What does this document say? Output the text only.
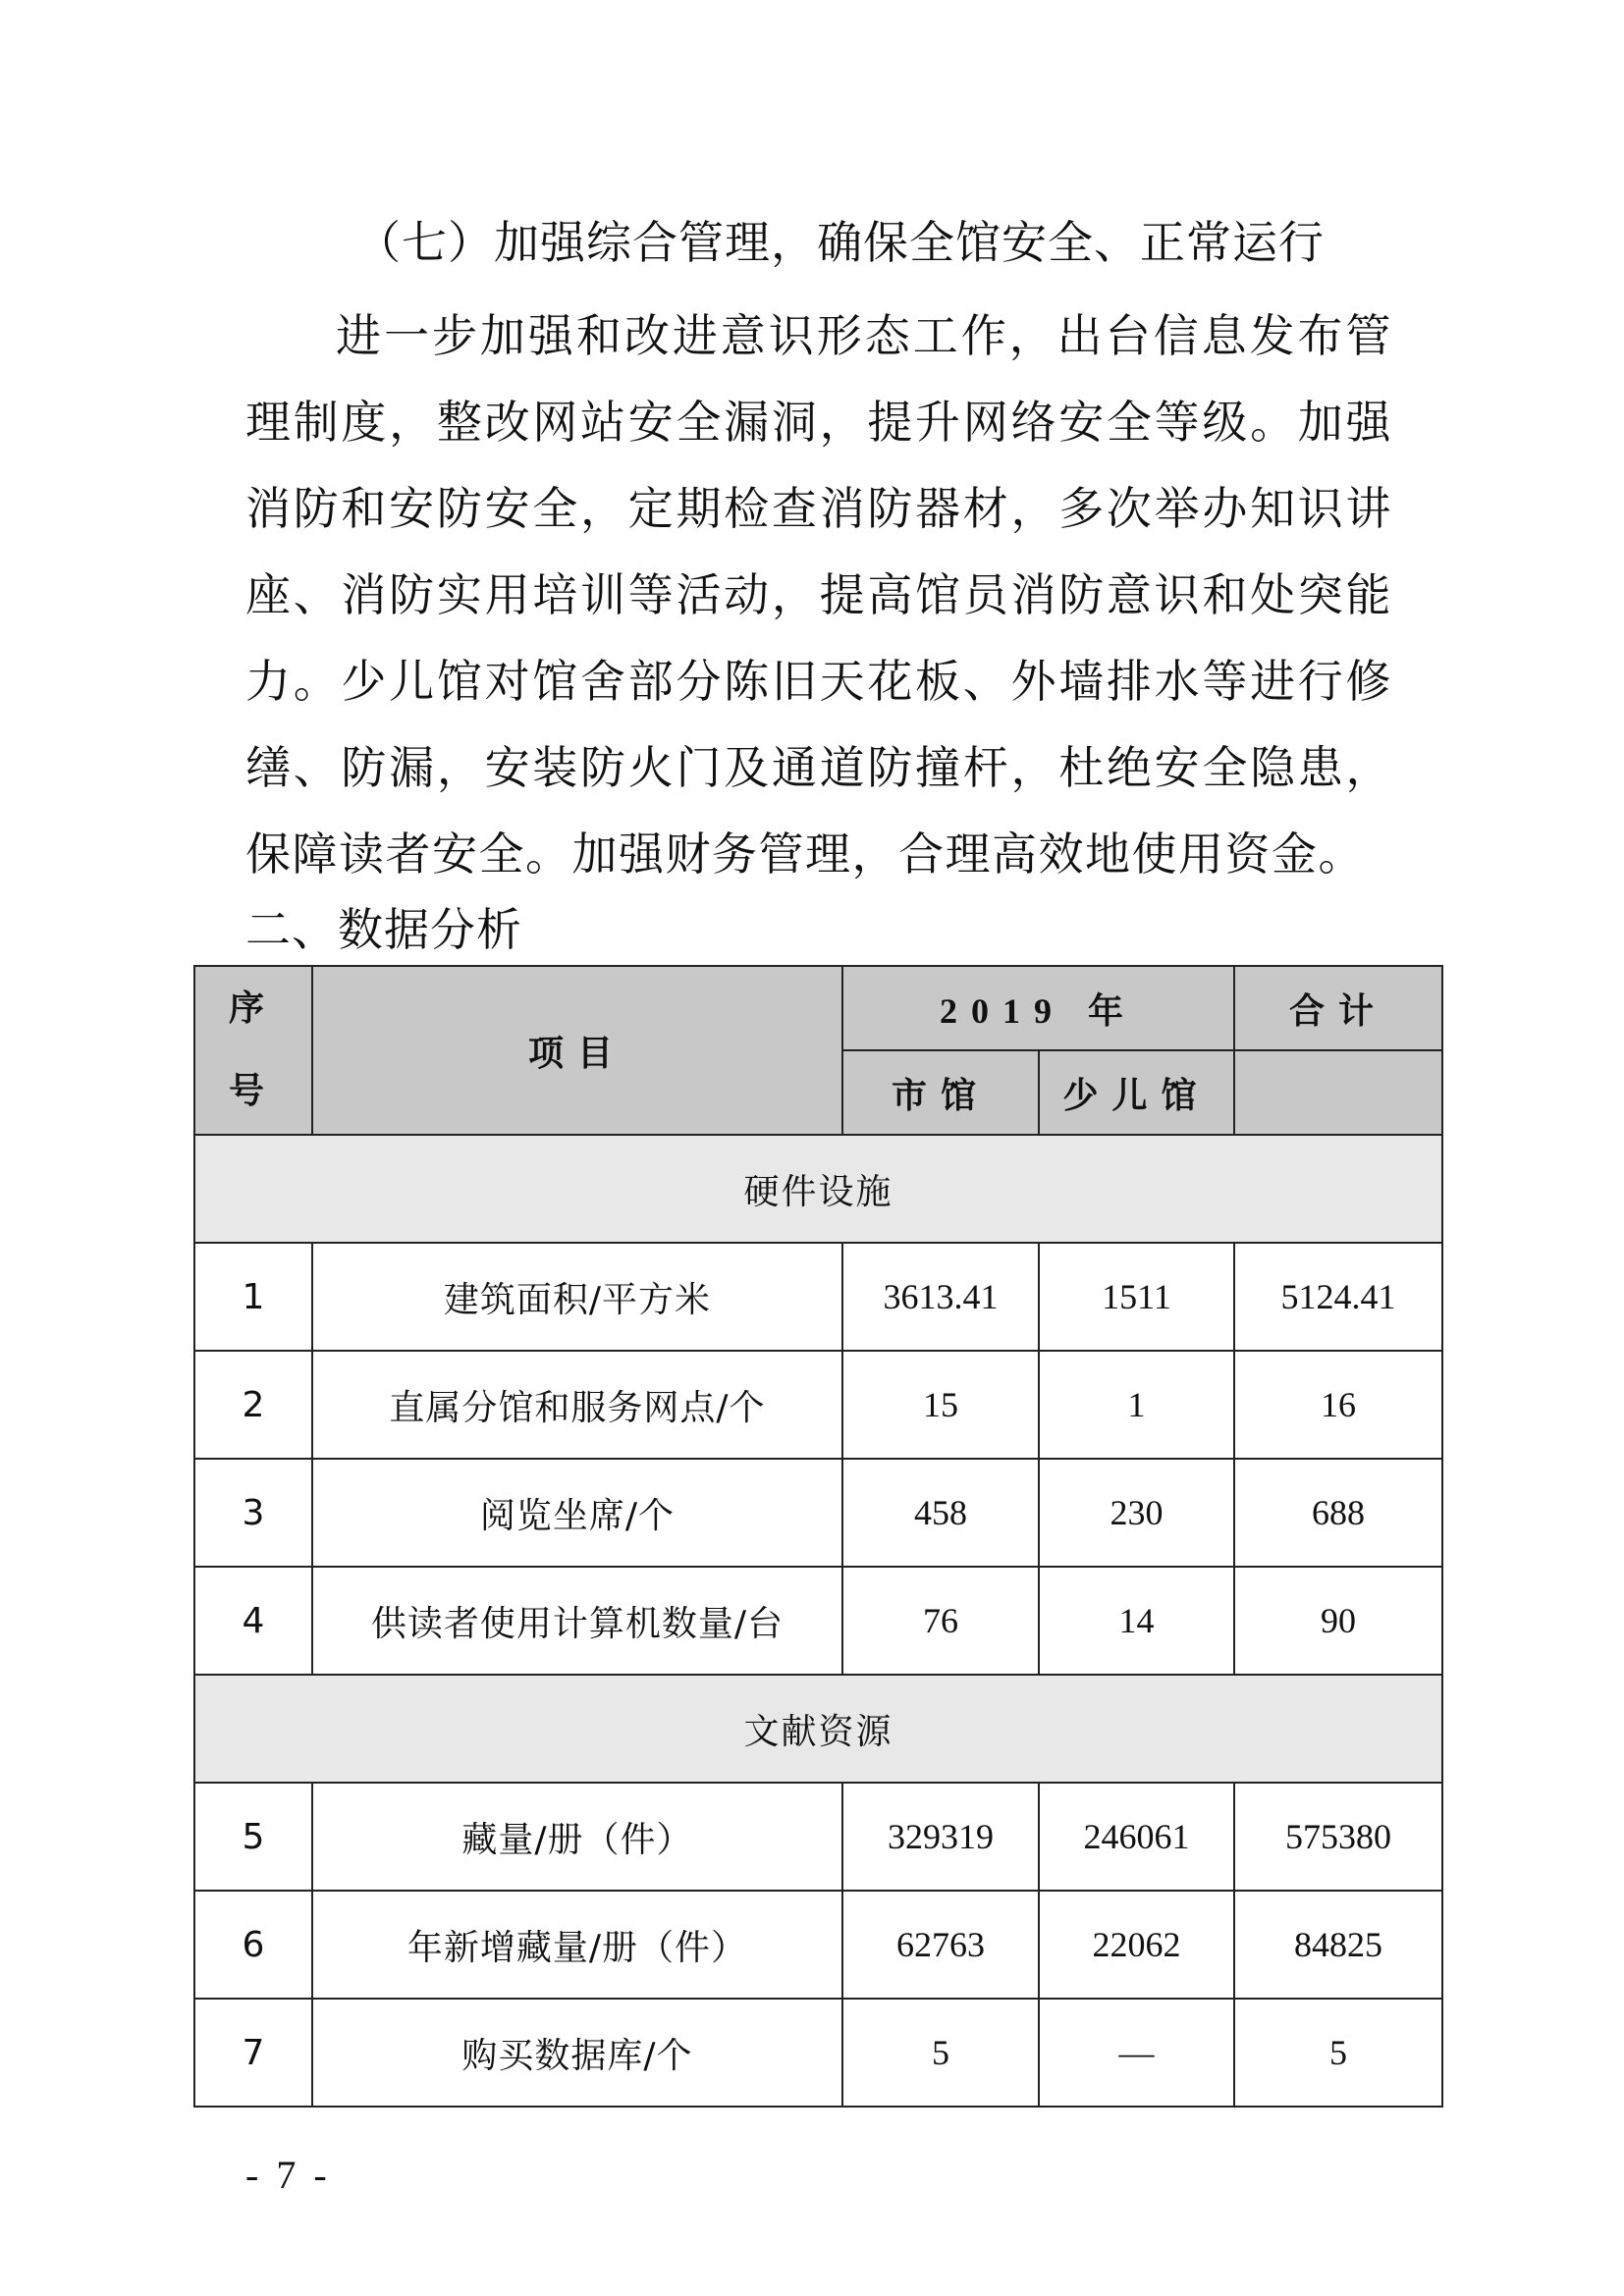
（七）加强综合管理，确保全馆安全、正常运行

进一步加强和改进意识形态工作，出台信息发布管理制度，整改网站安全漏洞，提升网络安全等级。加强消防和安防安全，定期检查消防器材，多次举办知识讲座、消防实用培训等活动，提高馆员消防意识和处突能力。少儿馆对馆舍部分陈旧天花板、外墙排水等进行修缮、防漏，安装防火门及通道防撞杆，杜绝安全隐患，保障读者安全。加强财务管理，合理高效地使用资金。

二、数据分析
序
号	项目	2019 年		合计
		市馆	少儿馆	
硬件设施				
1	建筑面积/平方米	3613.41	1511	5124.41
2	直属分馆和服务网点/个	15	1	16
3	阅览坐席/个	458	230	688
4	供读者使用计算机数量/台	76	14	90
文献资源				
5	藏量/册（件）	329319	246061	575380
6	年新增藏量/册（件）	62763	22062	84825
7	购买数据库/个	5	—	5
- 7 -
